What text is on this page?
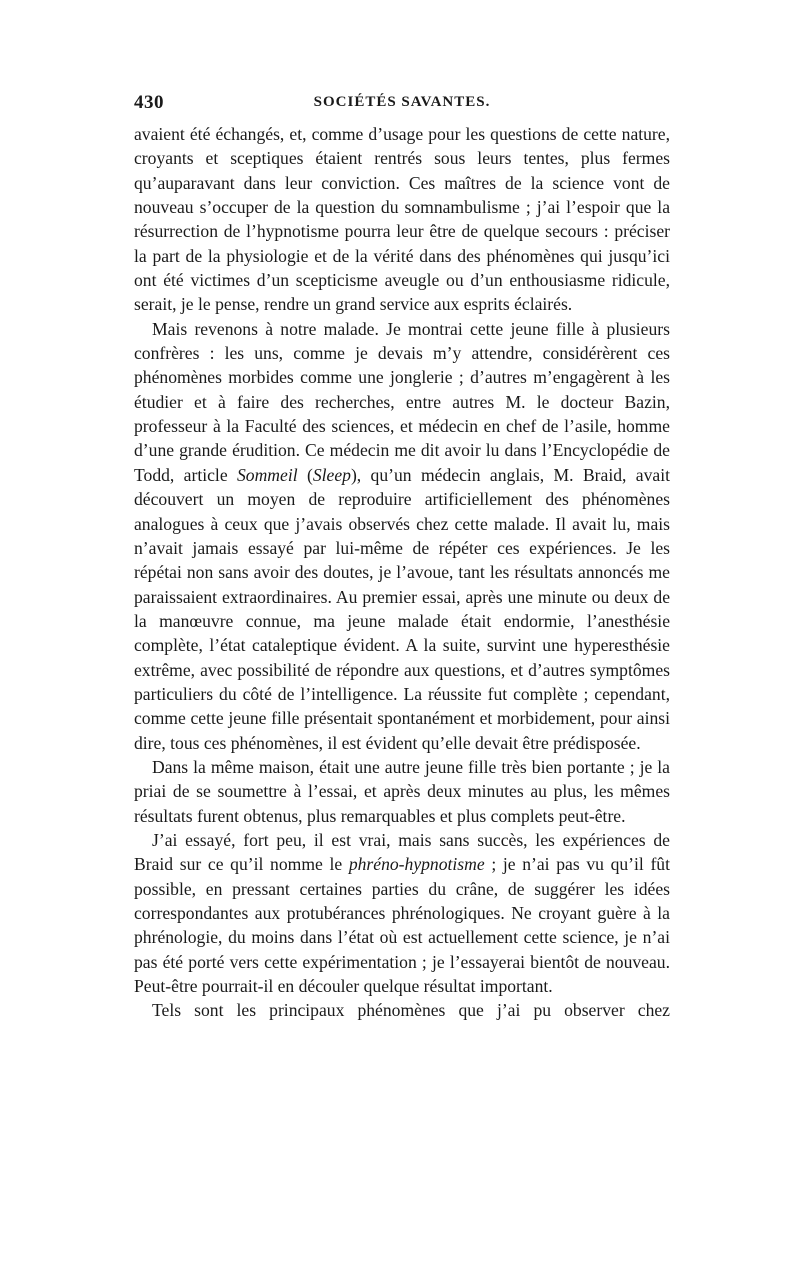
430	SOCIÉTÉS SAVANTES.

avaient été échangés, et, comme d’usage pour les questions de cette nature, croyants et sceptiques étaient rentrés sous leurs tentes, plus fermes qu’auparavant dans leur conviction. Ces maîtres de la science vont de nouveau s’occuper de la question du somnambulisme ; j’ai l’espoir que la résurrection de l’hypnotisme pourra leur être de quelque secours : préciser la part de la physiologie et de la vérité dans des phénomènes qui jusqu’ici ont été victimes d’un scepticisme aveugle ou d’un enthousiasme ridicule, serait, je le pense, rendre un grand service aux esprits éclairés.

Mais revenons à notre malade. Je montrai cette jeune fille à plusieurs confrères : les uns, comme je devais m’y attendre, considérèrent ces phénomènes morbides comme une jonglerie ; d’autres m’engagèrent à les étudier et à faire des recherches, entre autres M. le docteur Bazin, professeur à la Faculté des sciences, et médecin en chef de l’asile, homme d’une grande érudition. Ce médecin me dit avoir lu dans l’Encyclopédie de Todd, article Sommeil (Sleep), qu’un médecin anglais, M. Braid, avait découvert un moyen de reproduire artificiellement des phénomènes analogues à ceux que j’avais observés chez cette malade. Il avait lu, mais n’avait jamais essayé par lui-même de répéter ces expériences. Je les répétai non sans avoir des doutes, je l’avoue, tant les résultats annoncés me paraissaient extraordinaires. Au premier essai, après une minute ou deux de la manœuvre connue, ma jeune malade était endormie, l’anesthésie complète, l’état cataleptique évident. A la suite, survint une hyperesthésie extrême, avec possibilité de répondre aux questions, et d’autres symptômes particuliers du côté de l’intelligence. La réussite fut complète ; cependant, comme cette jeune fille présentait spontanément et morbidement, pour ainsi dire, tous ces phénomènes, il est évident qu’elle devait être prédisposée.

Dans la même maison, était une autre jeune fille très bien portante ; je la priai de se soumettre à l’essai, et après deux minutes au plus, les mêmes résultats furent obtenus, plus remarquables et plus complets peut-être.

J’ai essayé, fort peu, il est vrai, mais sans succès, les expériences de Braid sur ce qu’il nomme le phréno-hypnotisme ; je n’ai pas vu qu’il fût possible, en pressant certaines parties du crâne, de suggérer les idées correspondantes aux protubérances phrénologiques. Ne croyant guère à la phrénologie, du moins dans l’état où est actuellement cette science, je n’ai pas été porté vers cette expérimentation ; je l’essayerai bientôt de nouveau. Peut-être pourrait-il en découler quelque résultat important.

Tels sont les principaux phénomènes que j’ai pu observer chez
